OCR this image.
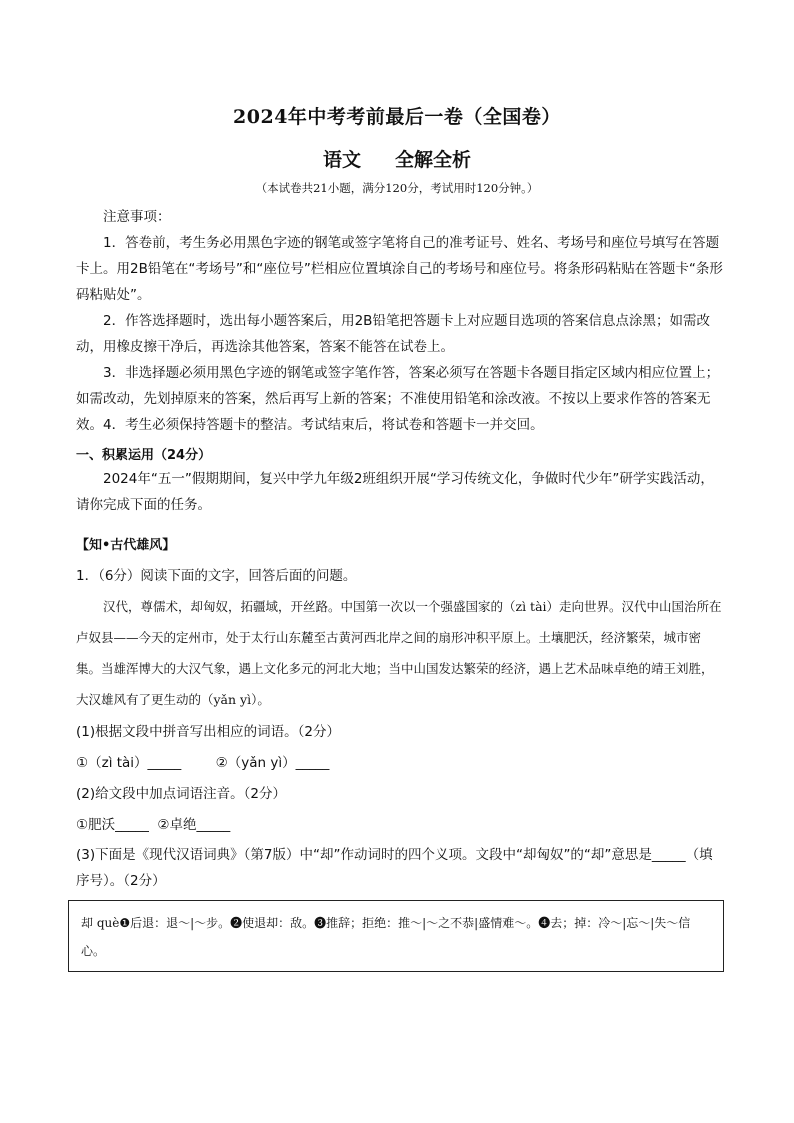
2024年中考考前最后一卷（全国卷）
语文 全解全析
（本试卷共21小题，满分120分，考试用时120分钟。）
注意事项：
1．答卷前，考生务必用黑色字迹的钢笔或签字笔将自己的准考证号、姓名、考场号和座位号填写在答题卡上。用2B铅笔在“考场号”和“座位号”栏相应位置填涂自己的考场号和座位号。将条形码粘贴在答题卡“条形码粘贴处”。
2．作答选择题时，选出每小题答案后，用2B铅笔把答题卡上对应题目选项的答案信息点涂黑；如需改动，用橡皮擦干净后，再选涂其他答案，答案不能答在试卷上。
3．非选择题必须用黑色字迹的钢笔或签字笔作答，答案必须写在答题卡各题目指定区域内相应位置上；如需改动，先划掉原来的答案，然后再写上新的答案；不准使用铅笔和涂改液。不按以上要求作答的答案无效。 4．考生必须保持答题卡的整洁。考试结束后，将试卷和答题卡一并交回。
一、积累运用（24分）
2024年“五一”假期期间，复兴中学九年级2班组织开展“学习传统文化，争做时代少年”研学实践活动，请你完成下面的任务。
【知•古代雄风】
1．（6分）阅读下面的文字，回答后面的问题。
汉代，尊儒术，却匈奴，拓疆域，开丝路。中国第一次以一个强盛国家的（zì tài）走向世界。汉代中山国治所在卢奴县——今天的定州市，处于太行山东麓至古黄河西北岸之间的扇形冲积平原上。土壤肥沃，经济繁荣，城市密集。当雄浑博大的大汉气象，遇上文化多元的河北大地；当中山国发达繁荣的经济，遇上艺术品味卓绝的靖王刘胜，大汉雄风有了更生动的（yǎn yì）。
(1)根据文段中拼音写出相应的词语。（2分）
①（zì tài）_____        ②（yǎn yì）_____
(2)给文段中加点词语注音。（2分）
①肥沃_____  ②卓绝_____
(3)下面是《现代汉语词典》（第7版）中“却”作动词时的四个义项。文段中“却匈奴”的“却”意思是_____（填序号）。（2分）
却 què❶后退：退～|～步。❷使退却：敌。❸推辞；拒绝：推～|～之不恭|盛情难～。❹去；掉：冷～|忘～|失～信心。
